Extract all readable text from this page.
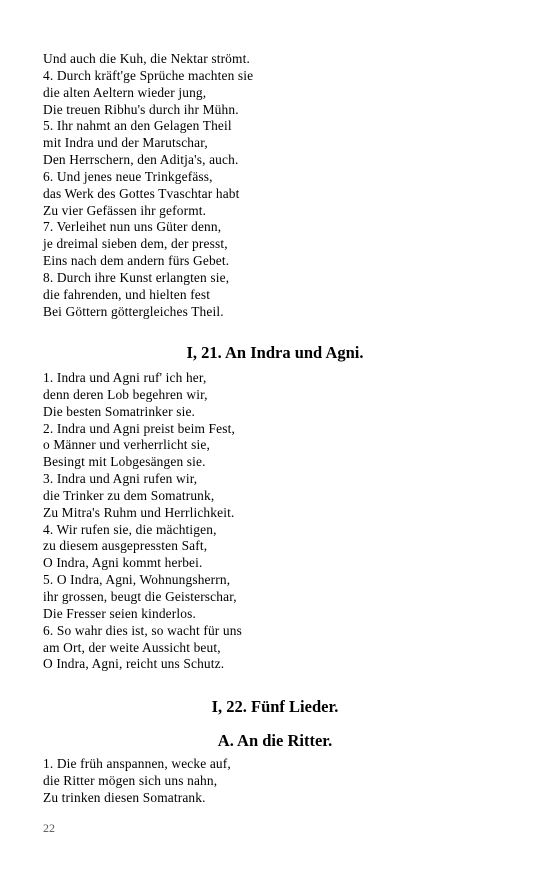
Und auch die Kuh, die Nektar strömt.
4. Durch kräft'ge Sprüche machten sie
die alten Aeltern wieder jung,
Die treuen Ribhu's durch ihr Mühn.
5. Ihr nahmt an den Gelagen Theil
mit Indra und der Marutschar,
Den Herrschern, den Aditja's, auch.
6. Und jenes neue Trinkgefäss,
das Werk des Gottes Tvaschtar habt
Zu vier Gefässen ihr geformt.
7. Verleihet nun uns Güter denn,
je dreimal sieben dem, der presst,
Eins nach dem andern fürs Gebet.
8. Durch ihre Kunst erlangten sie,
die fahrenden, und hielten fest
Bei Göttern göttergleiches Theil.
I, 21. An Indra und Agni.
1. Indra und Agni ruf' ich her,
denn deren Lob begehren wir,
Die besten Somatrinker sie.
2. Indra und Agni preist beim Fest,
o Männer und verherrlicht sie,
Besingt mit Lobgesängen sie.
3. Indra und Agni rufen wir,
die Trinker zu dem Somatrunk,
Zu Mitra's Ruhm und Herrlichkeit.
4. Wir rufen sie, die mächtigen,
zu diesem ausgepressten Saft,
O Indra, Agni kommt herbei.
5. O Indra, Agni, Wohnungsherrn,
ihr grossen, beugt die Geisterschar,
Die Fresser seien kinderlos.
6. So wahr dies ist, so wacht für uns
am Ort, der weite Aussicht beut,
O Indra, Agni, reicht uns Schutz.
I, 22. Fünf Lieder.
A. An die Ritter.
1. Die früh anspannen, wecke auf,
die Ritter mögen sich uns nahn,
Zu trinken diesen Somatrank.
22
